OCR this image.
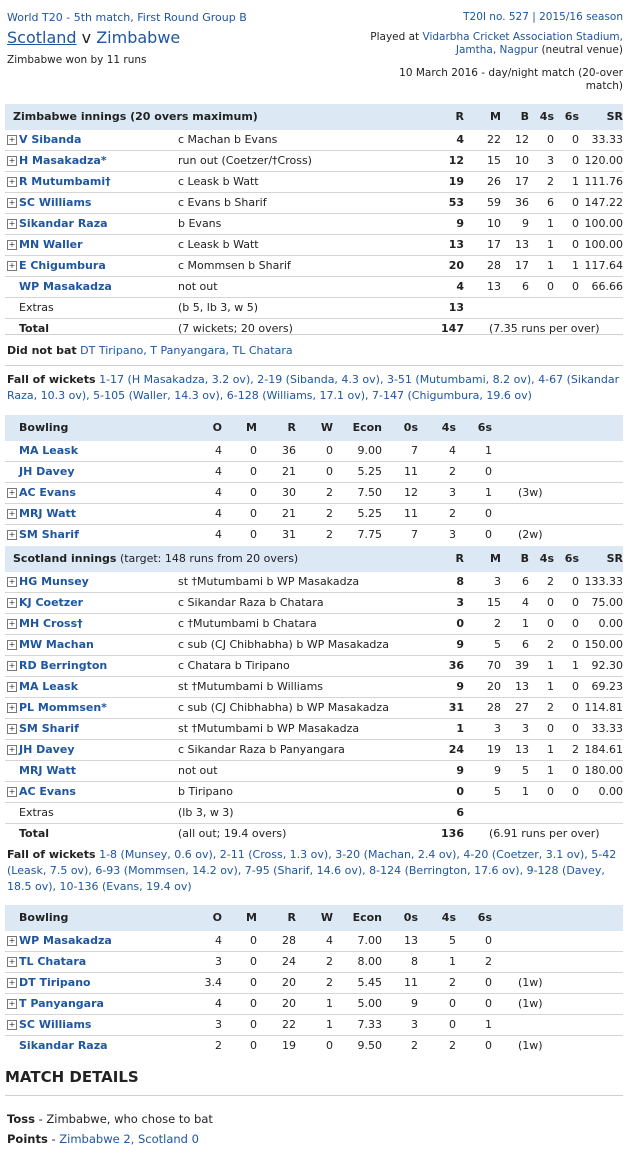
World T20 - 5th match, First Round Group B
Scotland v Zimbabwe
Zimbabwe won by 11 runs
T20I no. 527 | 2015/16 season
Played at Vidarbha Cricket Association Stadium, Jamtha, Nagpur (neutral venue)
10 March 2016 - day/night match (20-over match)
Zimbabwe innings (20 overs maximum)	R M B 4s 6s	SR
+ V Sibanda	c Machan b Evans	4 22 12 0 0 33.33
+ H Masakadza*	run out (Coetzer/†Cross)	12 15 10 3 0 120.00
+ R Mutumbami†	c Leask b Watt	19 26 17 2 1 111.76
+ SC Williams	c Evans b Sharif	53 59 36 6 0 147.22
+ Sikandar Raza	b Evans	9 10 9 1 0 100.00
+ MN Waller	c Leask b Watt	13 17 13 1 0 100.00
+ E Chigumbura	c Mommsen b Sharif	20 28 17 1 1 117.64
WP Masakadza	not out	4 13 6 0 0 66.66
Extras	(b 5, lb 3, w 5)	13
Total	(7 wickets; 20 overs)	147 (7.35 runs per over)
Bowling	O M	R W Econ 0s 4s 6s
MA Leask	4	0 36	0 9.00	7	4	1
JH Davey	4	0 21	0 5.25 11	2	0
+ AC Evans	4	0 30	2 7.50 12	3	1 (3w)
+ MRJ Watt	4	0 21	2 5.25 11	2	0
+ SM Sharif	4	0 31	2 7.75	7	3	0 (2w)
Scotland innings (target: 148 runs from 20 overs)	R M B 4s 6s	SR
+ HG Munsey	st †Mutumbami b WP Masakadza	8	3 6 2 0 133.33
+ KJ Coetzer	c Sikandar Raza b Chatara	3 15 4 0 0 75.00
+ MH Cross†	c †Mutumbami b Chatara	0	2 1 0 0 0.00
+ MW Machan	c sub (CJ Chibhabha) b WP Masakadza	9	5 6 2 0 150.00
+ RD Berrington	c Chatara b Tiripano	36 70 39 1 1 92.30
+ MA Leask	st †Mutumbami b Williams	9 20 13 1 0 69.23
+ PL Mommsen*	c sub (CJ Chibhabha) b WP Masakadza	31 28 27 2 0 114.81
+ SM Sharif	st †Mutumbami b WP Masakadza	1	3 3 0 0 33.33
+ JH Davey	c Sikandar Raza b Panyangara	24 19 13 1 2 184.61
MRJ Watt	not out	9	9 5 1 0 180.00
+ AC Evans	b Tiripano	0	5 1 0 0 0.00
Extras	(lb 3, w 3)	6
Total	(all out; 19.4 overs)	136 (6.91 runs per over)
Bowling	O M	R W Econ 0s 4s 6s
+ WP Masakadza	4	0 28	4 7.00 13	5	0
+ TL Chatara	3	0 24	2 8.00	8	1	2
+ DT Tiripano	3.4	0 20	2 5.45 11	2	0 (1w)
+ T Panyangara	4	0 20	1 5.00	9	0	0 (1w)
+ SC Williams	3	0 22	1 7.33	3	0	1
Sikandar Raza	2	0 19	0 9.50	2	2	0 (1w)
Did not bat DT Tiripano, T Panyangara, TL Chatara
Fall of wickets 1-17 (H Masakadza, 3.2 ov), 2-19 (Sibanda, 4.3 ov), 3-51 (Mutumbami, 8.2 ov), 4-67 (Sikandar Raza, 10.3 ov), 5-105 (Waller, 14.3 ov), 6-128 (Williams, 17.1 ov), 7-147 (Chigumbura, 19.6 ov)
Fall of wickets 1-8 (Munsey, 0.6 ov), 2-11 (Cross, 1.3 ov), 3-20 (Machan, 2.4 ov), 4-20 (Coetzer, 3.1 ov), 5-42 (Leask, 7.5 ov), 6-93 (Mommsen, 14.2 ov), 7-95 (Sharif, 14.6 ov), 8-124 (Berrington, 17.6 ov), 9-128 (Davey, 18.5 ov), 10-136 (Evans, 19.4 ov)
MATCH DETAILS
Toss - Zimbabwe, who chose to bat
Points - Zimbabwe 2, Scotland 0
